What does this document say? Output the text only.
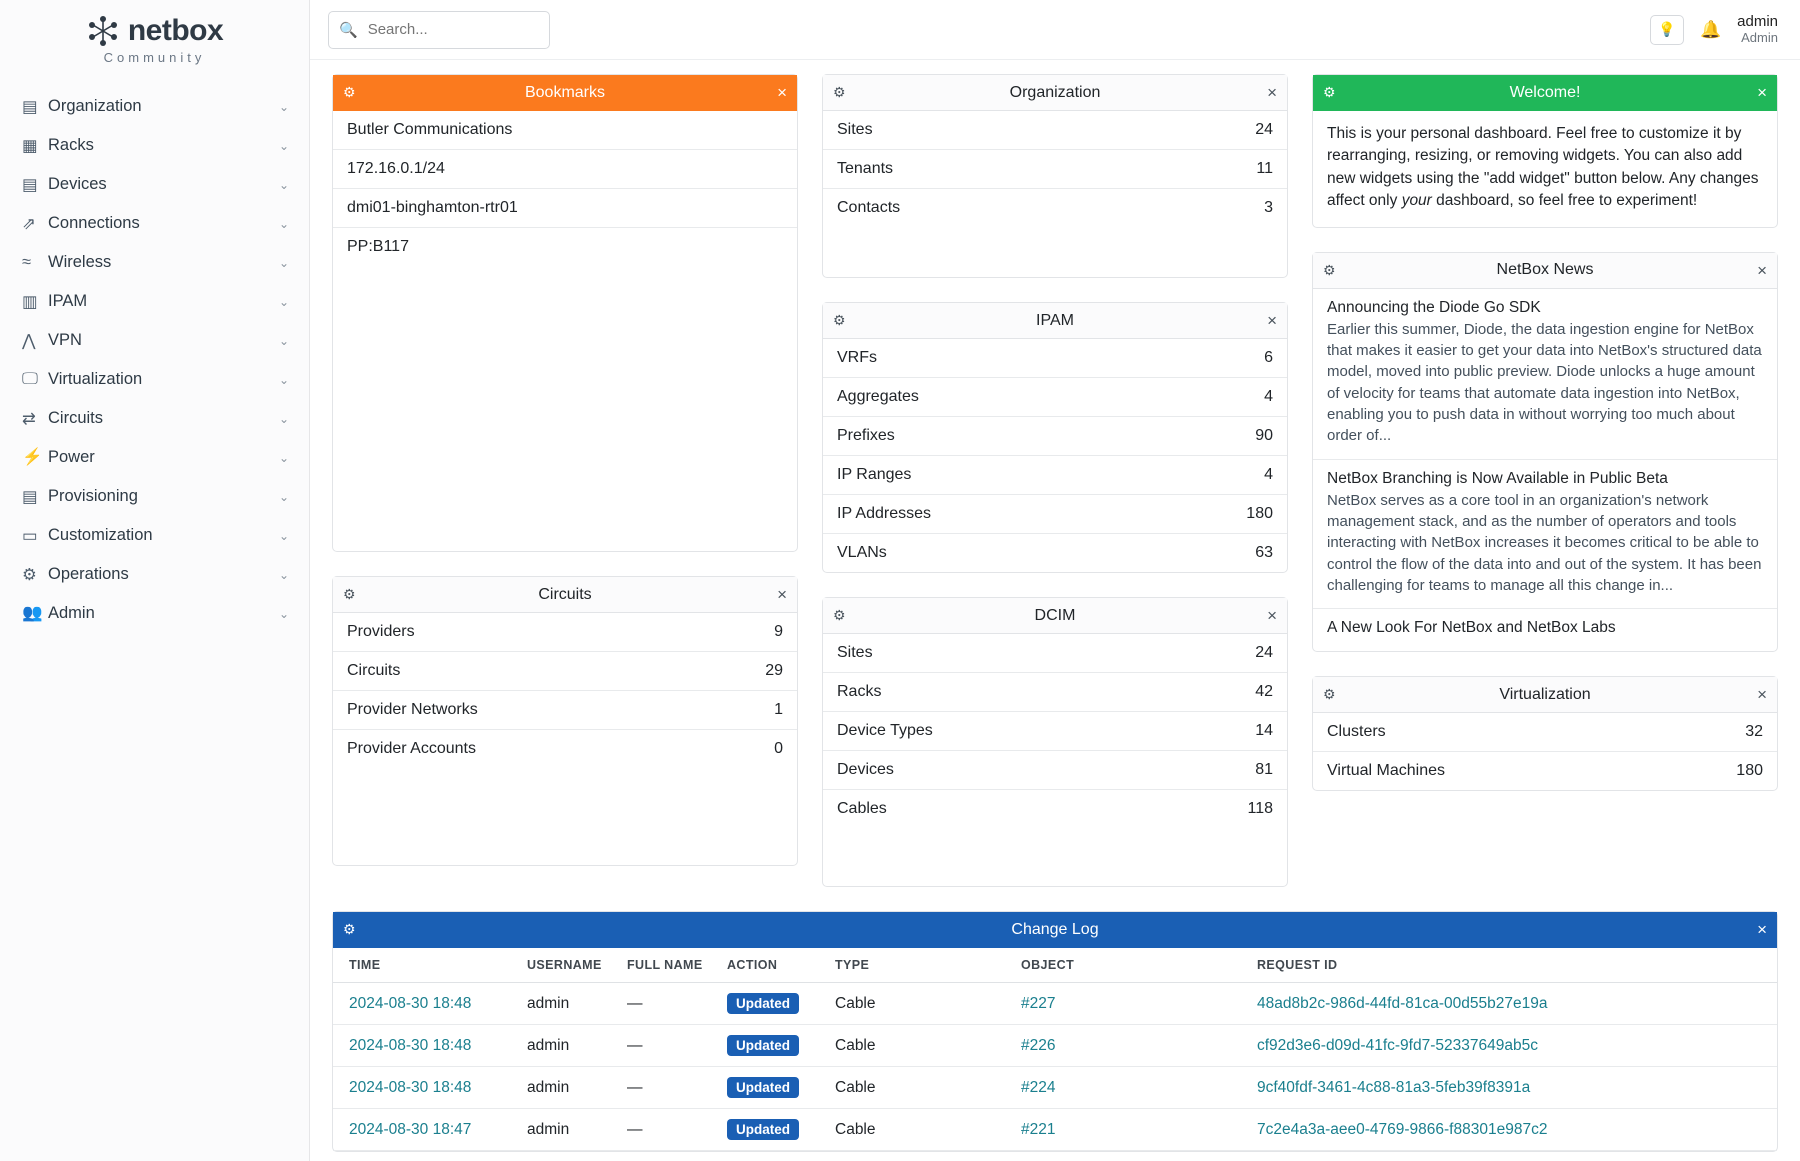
netbox
Community
▤ Organization	⌄
▦ Racks	⌄
▤ Devices	⌄
⇗ Connections	⌄
≈	Wireless	⌄
▥ IPAM	⌄
⋀ VPN	⌄
🖵 Virtualization	⌄
⇄ Circuits	⌄
⚡ Power	⌄
▤ Provisioning	⌄
▭ Customization	⌄
⚙ Operations	⌄
👥 Admin	⌄
🔍
Search...	💡 🔔 admin
Admin
⚙	Bookmarks	×
Butler Communications
172.16.0.1/24
dmi01-binghamton-rtr01
PP:B117
⚙	Circuits	×
Providers	9
Circuits	29
Provider Networks	1
Provider Accounts	0
⚙	Organization	×
Sites	24
Tenants	11
Contacts	3
⚙	IPAM	×
VRFs	6
Aggregates	4
Prefixes	90
IP Ranges	4
IP Addresses	180
VLANs	63
⚙	DCIM	×
Sites	24
Racks	42
Device Types	14
Devices	81
Cables	118
⚙	Welcome!	×
This is your personal dashboard. Feel free to customize it by rearranging, resizing, or removing widgets. You can also add new widgets using the "add widget" button below. Any changes affect only your dashboard, so feel free to experiment!
⚙	NetBox News	×
Announcing the Diode Go SDK
Earlier this summer, Diode, the data ingestion engine for NetBox that makes it easier to get your data into NetBox's structured data model, moved into public preview. Diode unlocks a huge amount of velocity for teams that automate data ingestion into NetBox, enabling you to push data in without worrying too much about order of...
NetBox Branching is Now Available in Public Beta
NetBox serves as a core tool in an organization's network management stack, and as the number of operators and tools interacting with NetBox increases it becomes critical to be able to control the flow of the data into and out of the system. It has been challenging for teams to manage all this change in...
A New Look For NetBox and NetBox Labs
⚙	Virtualization	×
Clusters	32
Virtual Machines	180
⚙	Change Log	×
TIME	USERNAME	FULL NAME	ACTION	TYPE	OBJECT	REQUEST ID
2024-08-30 18:48	admin	—	Updated	Cable	#227	48ad8b2c-986d-44fd-81ca-00d55b27e19a
2024-08-30 18:48	admin	—	Updated	Cable	#226	cf92d3e6-d09d-41fc-9fd7-52337649ab5c
2024-08-30 18:48	admin	—	Updated	Cable	#224	9cf40fdf-3461-4c88-81a3-5feb39f8391a
2024-08-30 18:47	admin	—	Updated	Cable	#221	7c2e4a3a-aee0-4769-9866-f88301e987c2
